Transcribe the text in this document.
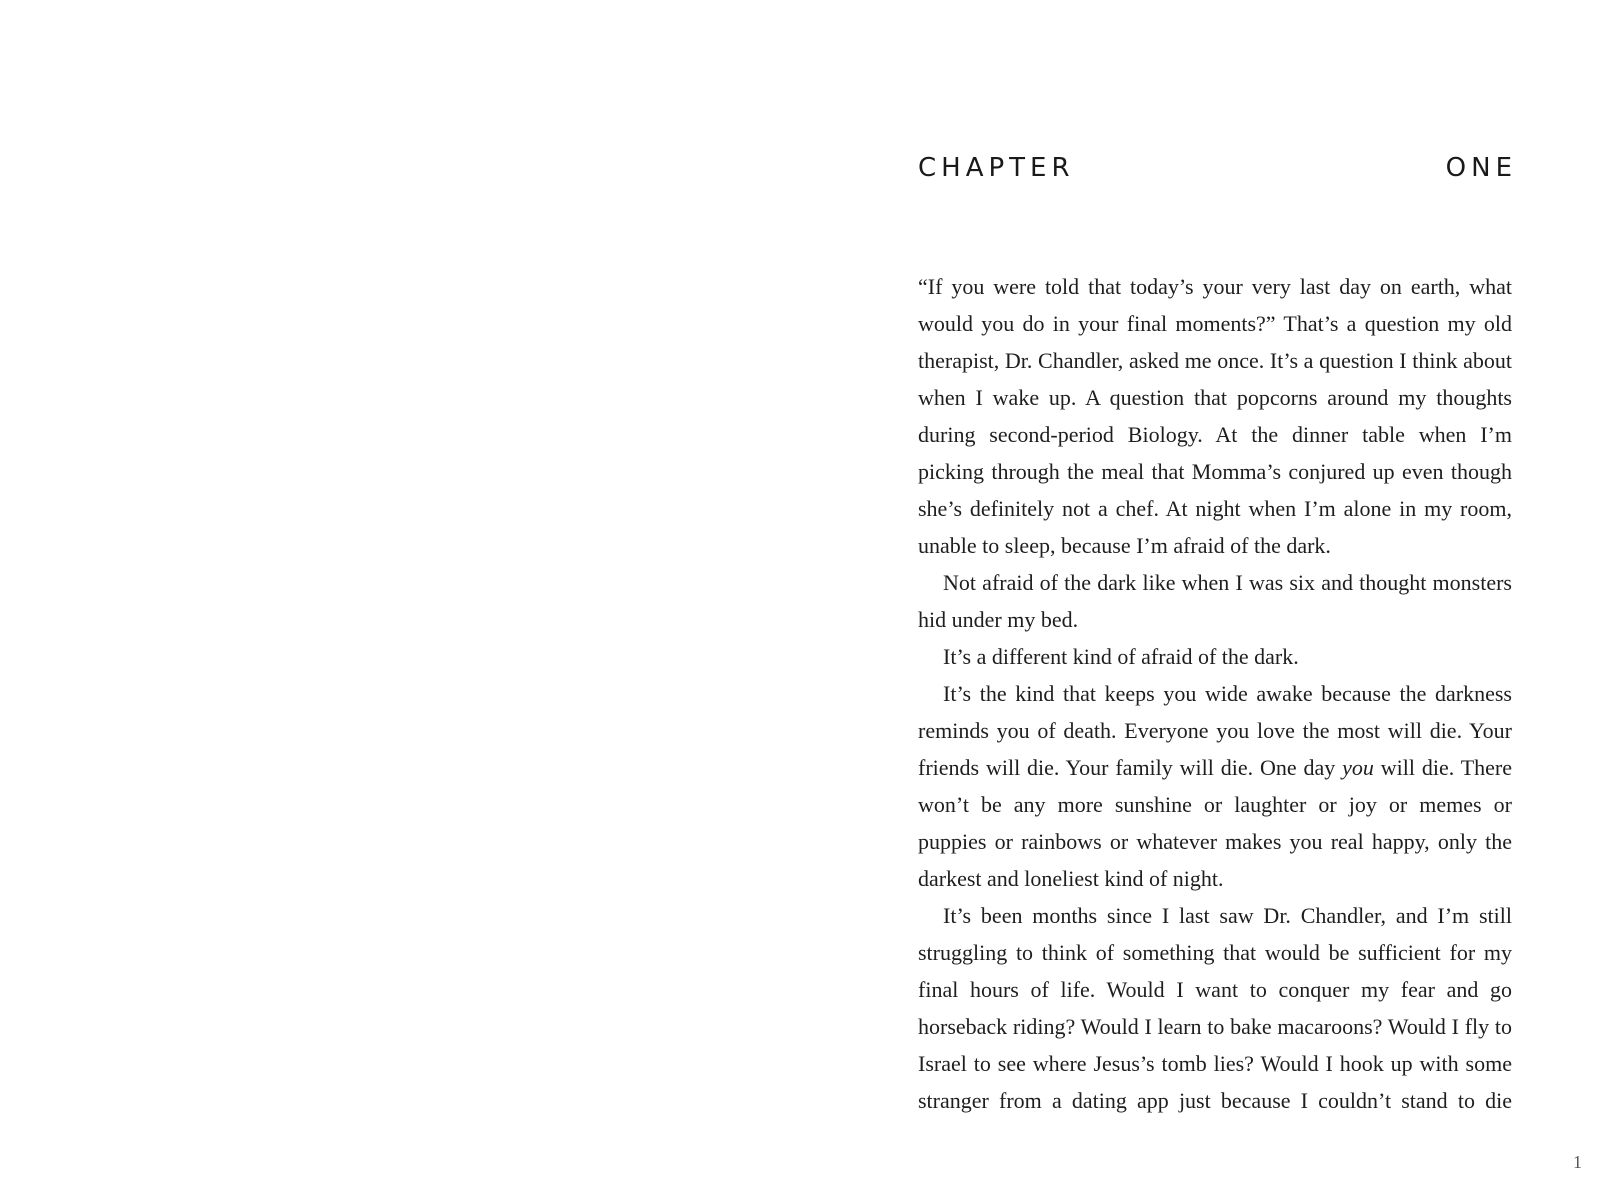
CHAPTER	ONE

“If you were told that today’s your very last day on earth, what would you do in your final moments?” That’s a question my old therapist, Dr. Chandler, asked me once. It’s a question I think about when I wake up. A question that popcorns around my thoughts during second-period Biology. At the dinner table when I’m picking through the meal that Momma’s conjured up even though she’s definitely not a chef. At night when I’m alone in my room, unable to sleep, because I’m afraid of the dark.

Not afraid of the dark like when I was six and thought monsters hid under my bed.

It’s a different kind of afraid of the dark.

It’s the kind that keeps you wide awake because the darkness reminds you of death. Everyone you love the most will die. Your friends will die. Your family will die. One day you will die. There won’t be any more sunshine or laughter or joy or memes or puppies or rainbows or whatever makes you real happy, only the darkest and loneliest kind of night.

It’s been months since I last saw Dr. Chandler, and I’m still struggling to think of something that would be sufficient for my final hours of life. Would I want to conquer my fear and go horseback riding? Would I learn to bake macaroons? Would I fly to Israel to see where Jesus’s tomb lies? Would I hook up with some stranger from a dating app just because I couldn’t stand to die

1
